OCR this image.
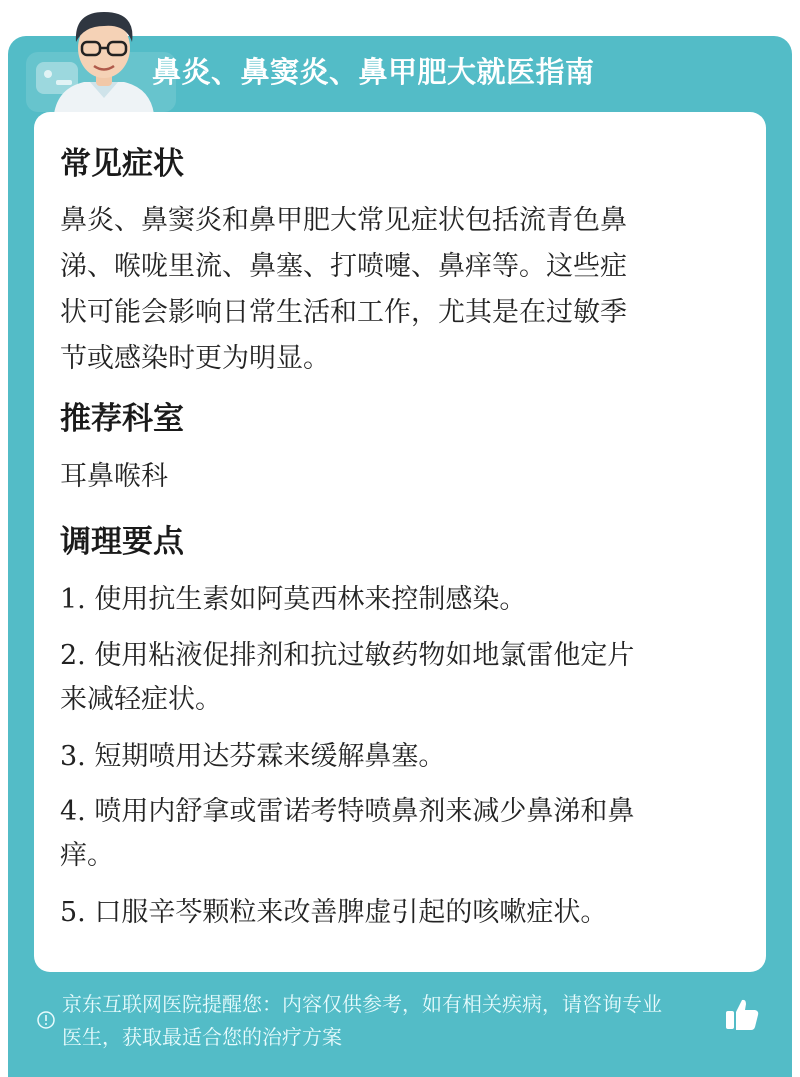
鼻炎、鼻窦炎、鼻甲肥大就医指南
常见症状
鼻炎、鼻窦炎和鼻甲肥大常见症状包括流青色鼻
涕、喉咙里流、鼻塞、打喷嚏、鼻痒等。这些症
状可能会影响日常生活和工作，尤其是在过敏季
节或感染时更为明显。
推荐科室
耳鼻喉科
调理要点
1. 使用抗生素如阿莫西林来控制感染。
2. 使用粘液促排剂和抗过敏药物如地氯雷他定片
来减轻症状。
3. 短期喷用达芬霖来缓解鼻塞。
4. 喷用内舒拿或雷诺考特喷鼻剂来减少鼻涕和鼻
痒。
5. 口服辛芩颗粒来改善脾虚引起的咳嗽症状。
京东互联网医院提醒您：内容仅供参考，如有相关疾病，请咨询专业
医生，获取最适合您的治疗方案
